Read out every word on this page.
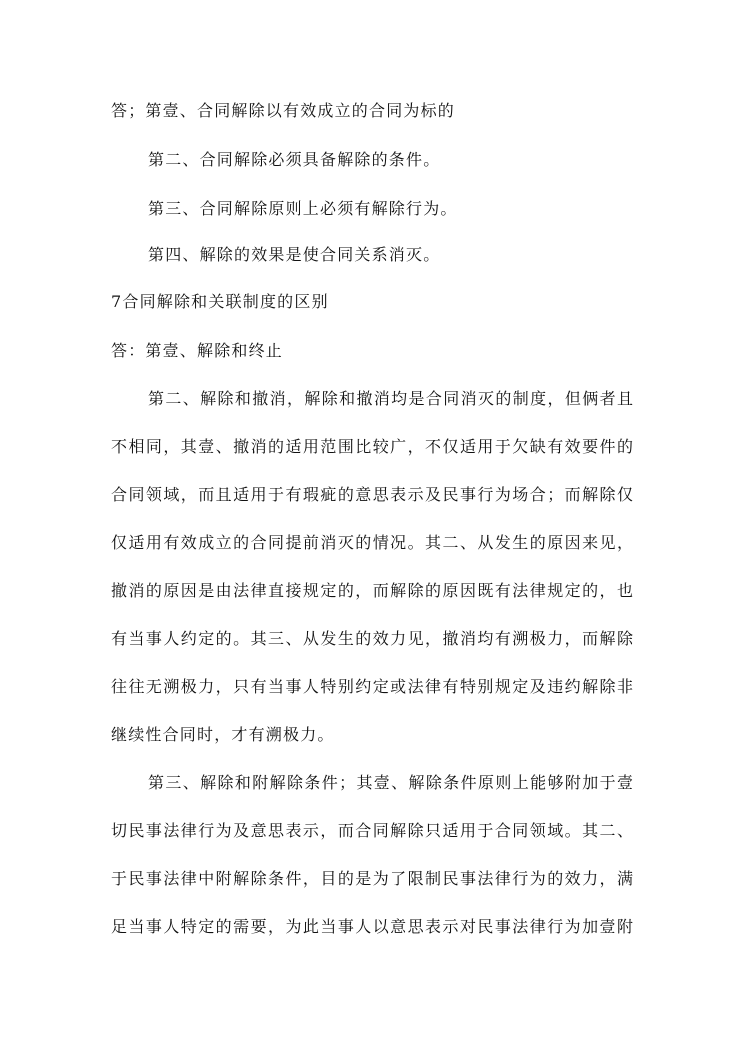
答；第壹、合同解除以有效成立的合同为标的
第二、合同解除必须具备解除的条件。
第三、合同解除原则上必须有解除行为。
第四、解除的效果是使合同关系消灭。
7合同解除和关联制度的区别
答：第壹、解除和终止
第二、解除和撤消，解除和撤消均是合同消灭的制度，但俩者且
不相同，其壹、撤消的适用范围比较广，不仅适用于欠缺有效要件的
合同领域，而且适用于有瑕疵的意思表示及民事行为场合；而解除仅
仅适用有效成立的合同提前消灭的情况。其二、从发生的原因来见，
撤消的原因是由法律直接规定的，而解除的原因既有法律规定的，也
有当事人约定的。其三、从发生的效力见，撤消均有溯极力，而解除
往往无溯极力，只有当事人特别约定或法律有特别规定及违约解除非
继续性合同时，才有溯极力。
第三、解除和附解除条件；其壹、解除条件原则上能够附加于壹
切民事法律行为及意思表示，而合同解除只适用于合同领域。其二、
于民事法律中附解除条件，目的是为了限制民事法律行为的效力，满
足当事人特定的需要，为此当事人以意思表示对民事法律行为加壹附
